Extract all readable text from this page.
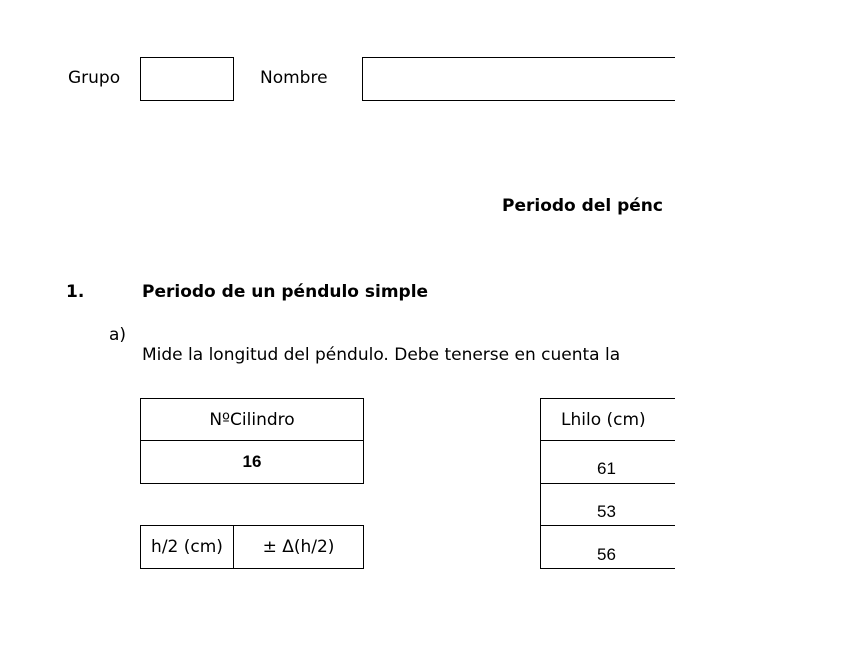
Grupo	Nombre
Periodo del pénc
1.	Periodo de un péndulo simple
a)
Mide la longitud del péndulo. Debe tenerse en cuenta la
NºCilindro
16
h/2 (cm) ± Δ(h/2)
Lhilo (cm)
61
53
56
